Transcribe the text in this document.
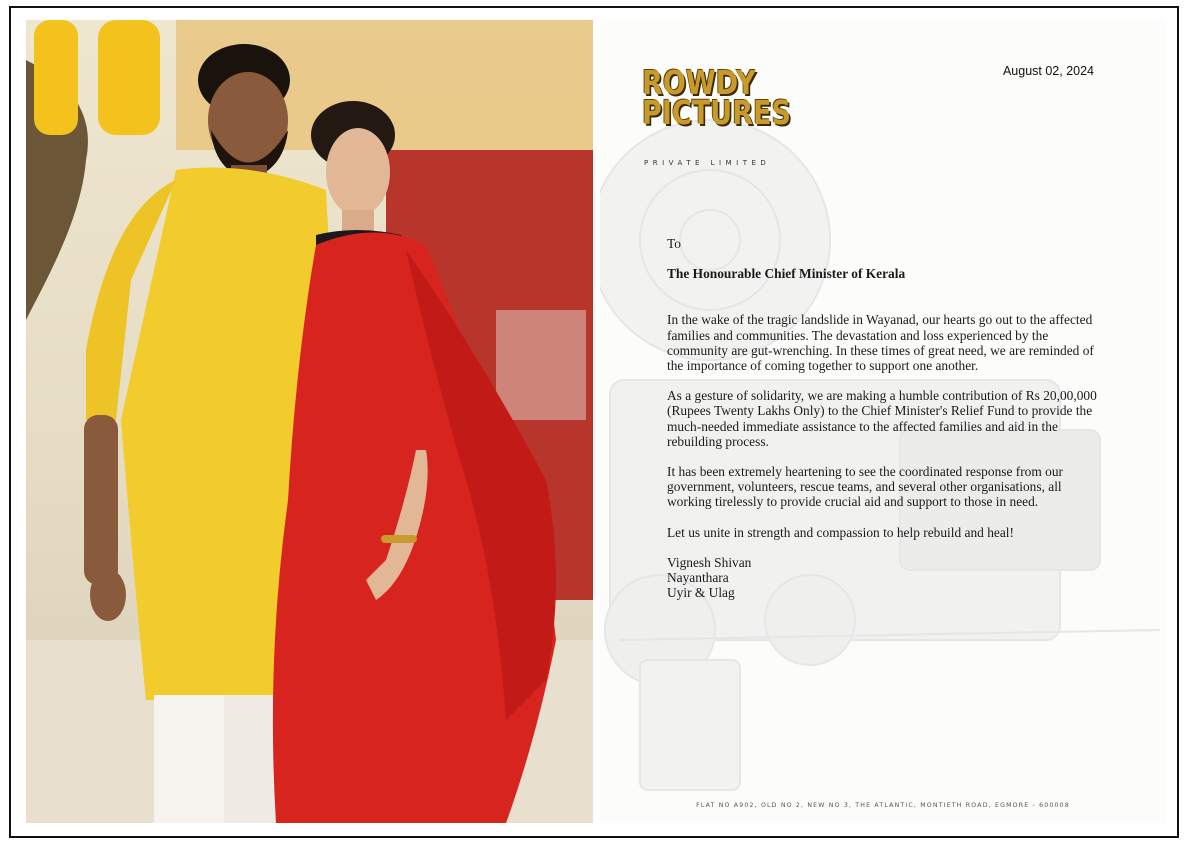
ROWDY
PICTURES
PRIVATE LIMITED
August 02, 2024

To

The Honourable Chief Minister of Kerala

In the wake of the tragic landslide in Wayanad, our hearts go out to the affected families and communities. The devastation and loss experienced by the community are gut-wrenching. In these times of great need, we are reminded of the importance of coming together to support one another.

As a gesture of solidarity, we are making a humble contribution of Rs 20,00,000 (Rupees Twenty Lakhs Only) to the Chief Minister's Relief Fund to provide the much-needed immediate assistance to the affected families and aid in the rebuilding process.

It has been extremely heartening to see the coordinated response from our government, volunteers, rescue teams, and several other organisations, all working tirelessly to provide crucial aid and support to those in need.

Let us unite in strength and compassion to help rebuild and heal!

Vignesh Shivan

Nayanthara

Uyir & Ulag

FLAT NO A902, OLD NO 2, NEW NO 3, THE ATLANTIC, MONTIETH ROAD, EGMORE - 600008
